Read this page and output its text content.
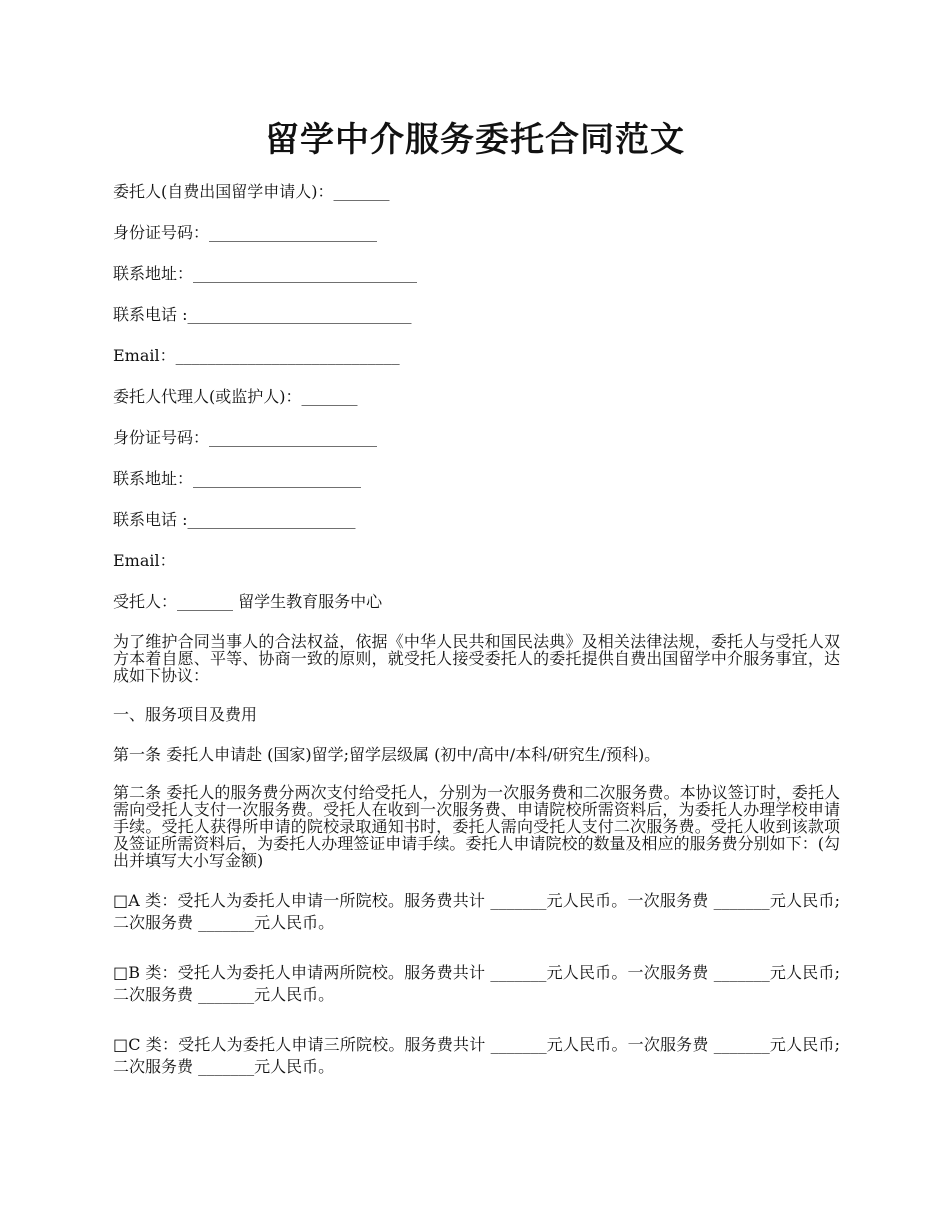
留学中介服务委托合同范文

委托人(自费出国留学申请人)：_______

身份证号码：_____________________

联系地址：____________________________

联系电话 :____________________________

Email：____________________________

委托人代理人(或监护人)：_______

身份证号码：_____________________

联系地址：_____________________

联系电话 :_____________________

Email：

受托人：_______ 留学生教育服务中心

为了维护合同当事人的合法权益，依据《中华人民共和国民法典》及相关法律法规，委托人与受托人双方本着自愿、平等、协商一致的原则，就受托人接受委托人的委托提供自费出国留学中介服务事宜，达成如下协议：

一、服务项目及费用

第一条 委托人申请赴 (国家)留学;留学层级属 (初中/高中/本科/研究生/预科)。

第二条 委托人的服务费分两次支付给受托人，分别为一次服务费和二次服务费。本协议签订时，委托人需向受托人支付一次服务费。受托人在收到一次服务费、申请院校所需资料后，为委托人办理学校申请手续。受托人获得所申请的院校录取通知书时，委托人需向受托人支付二次服务费。受托人收到该款项及签证所需资料后，为委托人办理签证申请手续。委托人申请院校的数量及相应的服务费分别如下：(勾出并填写大小写金额)

□A 类：受托人为委托人申请一所院校。服务费共计 _______元人民币。一次服务费 _______元人民币;二次服务费 _______元人民币。

□B 类：受托人为委托人申请两所院校。服务费共计 _______元人民币。一次服务费 _______元人民币;二次服务费 _______元人民币。

□C 类：受托人为委托人申请三所院校。服务费共计 _______元人民币。一次服务费 _______元人民币;二次服务费 _______元人民币。
